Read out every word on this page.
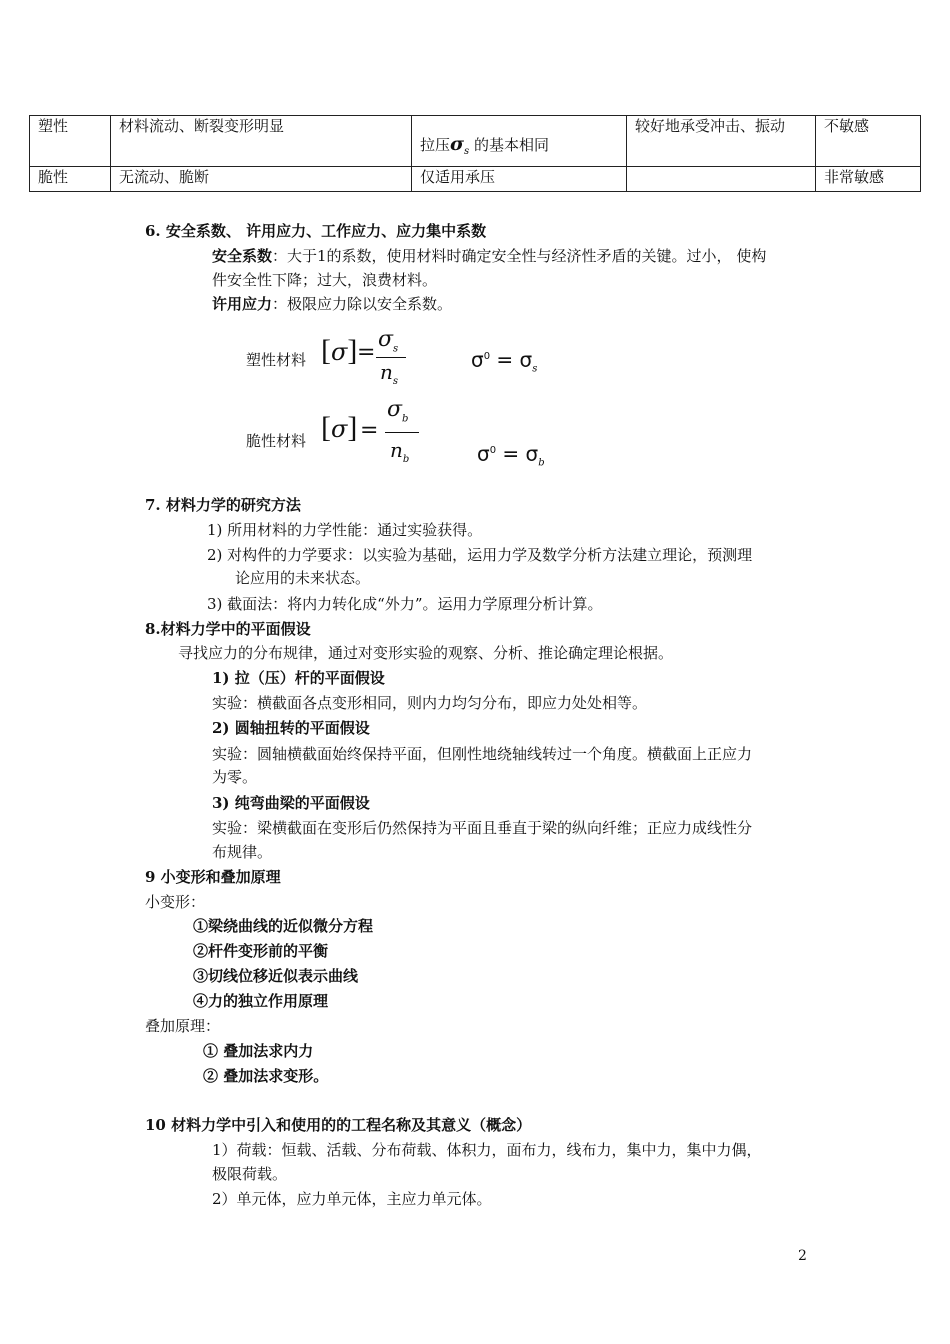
塑性	材料流动、断裂变形明显	拉压$\sigma_s$ 的基本相同	较好地承受冲击、振动	不敏感
脆性	无流动、脆断	仅适用承压		非常敏感
6. 安全系数、 许用应力、工作应力、应力集中系数
安全系数：大于1的系数，使用材料时确定安全性与经济性矛盾的关键。过小， 使构
件安全性下降；过大，浪费材料。
许用应力：极限应力除以安全系数。
塑性材料 [σ] =
$\sigma_s$
$n_s$
$\sigma^0 = \sigma_s$
脆性材料 [σ] =
$\sigma_b$
$n_b$	$\sigma^0 = \sigma_b$
7. 材料力学的研究方法
1) 所用材料的力学性能：通过实验获得。
2) 对构件的力学要求：以实验为基础，运用力学及数学分析方法建立理论，预测理
论应用的未来状态。
3) 截面法：将内力转化成“外力”。运用力学原理分析计算。
8.材料力学中的平面假设
寻找应力的分布规律，通过对变形实验的观察、分析、推论确定理论根据。
1) 拉（压）杆的平面假设
实验：横截面各点变形相同，则内力均匀分布，即应力处处相等。
2) 圆轴扭转的平面假设
实验：圆轴横截面始终保持平面，但刚性地绕轴线转过一个角度。横截面上正应力
为零。
3) 纯弯曲梁的平面假设
实验：梁横截面在变形后仍然保持为平面且垂直于梁的纵向纤维；正应力成线性分
布规律。
9 小变形和叠加原理
小变形：
①梁绕曲线的近似微分方程
②杆件变形前的平衡
③切线位移近似表示曲线
④力的独立作用原理
叠加原理：
① 叠加法求内力
② 叠加法求变形。
10 材料力学中引入和使用的的工程名称及其意义（概念）
1）荷载：恒载、活载、分布荷载、体积力，面布力，线布力，集中力，集中力偶，
极限荷载。
2）单元体，应力单元体，主应力单元体。
2
